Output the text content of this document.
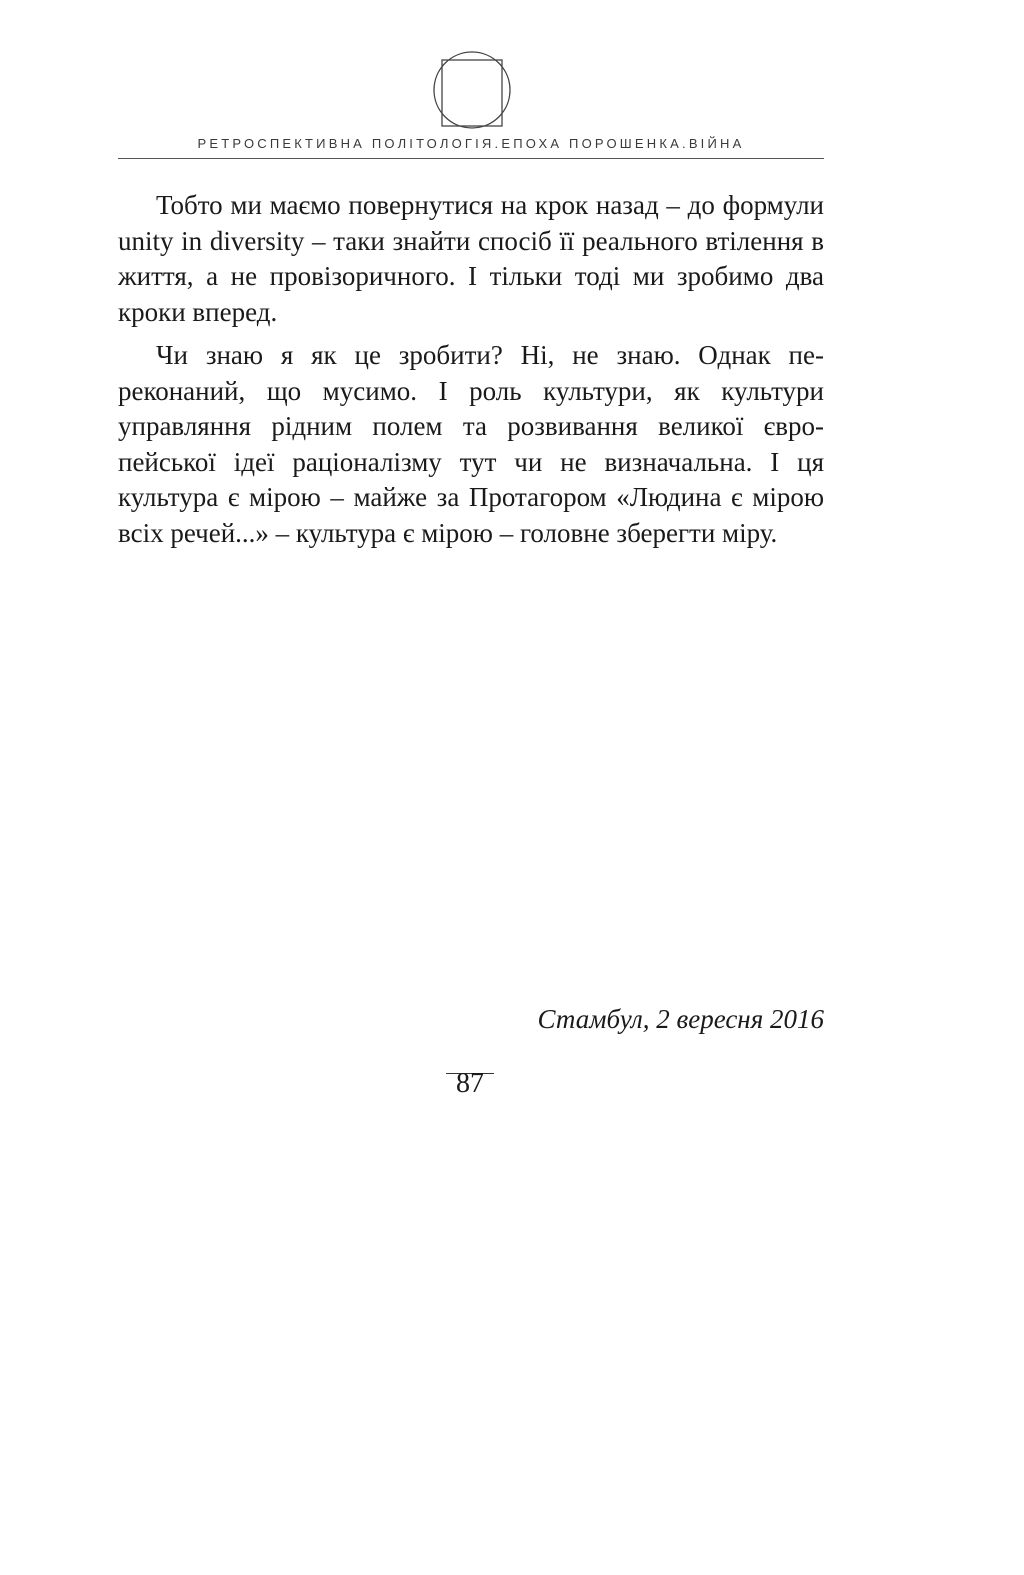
РЕТРОСПЕКТИВНА ПОЛІТОЛОГІЯ.ЕПОХА ПОРОШЕНКА.ВІЙНА

Тобто ми маємо повернутися на крок назад – до формули unity in diversity – таки знайти спосіб її реального втілення в життя, а не провізоричного. І тільки тоді ми зробимо два кроки вперед.

Чи знаю я як це зробити? Ні, не знаю. Однак переконаний, що мусимо. І роль культури, як культури управляння рідним полем та розвивання великої європейської ідеї раціоналізму тут чи не визначальна. І ця культура є мірою – майже за Протагором «Людина є мірою всіх речей...» – культура є мірою – головне зберегти міру.

Стамбул, 2 вересня 2016
87
